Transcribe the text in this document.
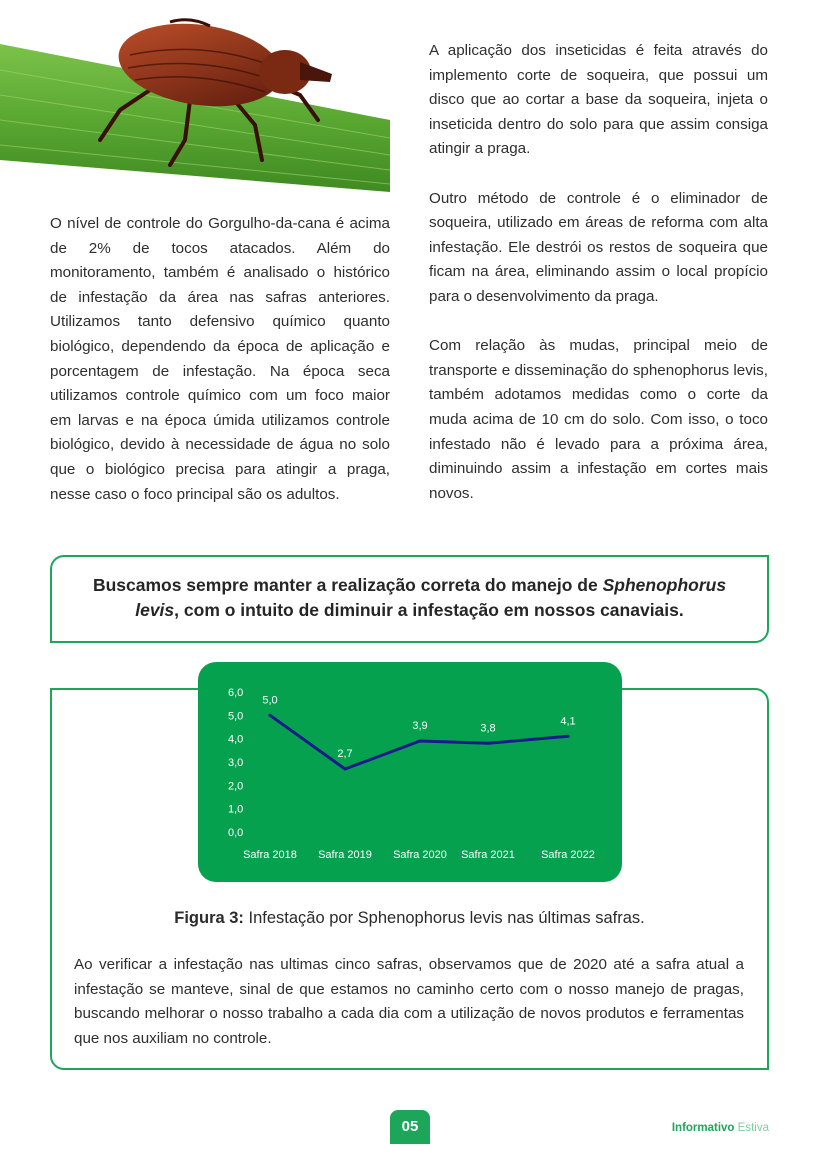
O nível de controle do Gorgulho-da-cana é acima de 2% de tocos atacados. Além do monitoramento, também é analisado o histórico de infestação da área nas safras anteriores. Utilizamos tanto defensivo químico quanto biológico, dependendo da época de aplicação e porcentagem de infestação. Na época seca utilizamos controle químico com um foco maior em larvas e na época úmida utilizamos controle biológico, devido à necessidade de água no solo que o biológico precisa para atingir a praga, nesse caso o foco principal são os adultos.

A aplicação dos inseticidas é feita através do implemento corte de soqueira, que possui um disco que ao cortar a base da soqueira, injeta o inseticida dentro do solo para que assim consiga atingir a praga.

Outro método de controle é o eliminador de soqueira, utilizado em áreas de reforma com alta infestação. Ele destrói os restos de soqueira que ficam na área, eliminando assim o local propício para o desenvolvimento da praga.

Com relação às mudas, principal meio de transporte e disseminação do sphenophorus levis, também adotamos medidas como o corte da muda acima de 10 cm do solo. Com isso, o toco infestado não é levado para a próxima área, diminuindo assim a infestação em cortes mais novos.

Buscamos sempre manter a realização correta do manejo de Sphenophorus levis, com o intuito de diminuir a infestação em nossos canaviais.
0,0
1,0
2,0
3,0
4,0
5,0
6,0
Safra 2018 Safra 2019 Safra 2020 Safra 2021 Safra 2022
5,0
2,7
3,9	3,8
4,1
Figura 3: Infestação por Sphenophorus levis nas últimas safras.
Ao verificar a infestação nas ultimas cinco safras, observamos que de 2020 até a safra atual a infestação se manteve, sinal de que estamos no caminho certo com o nosso manejo de pragas, buscando melhorar o nosso trabalho a cada dia com a utilização de novos produtos e ferramentas que nos auxiliam no controle.
05	Informativo Estiva
